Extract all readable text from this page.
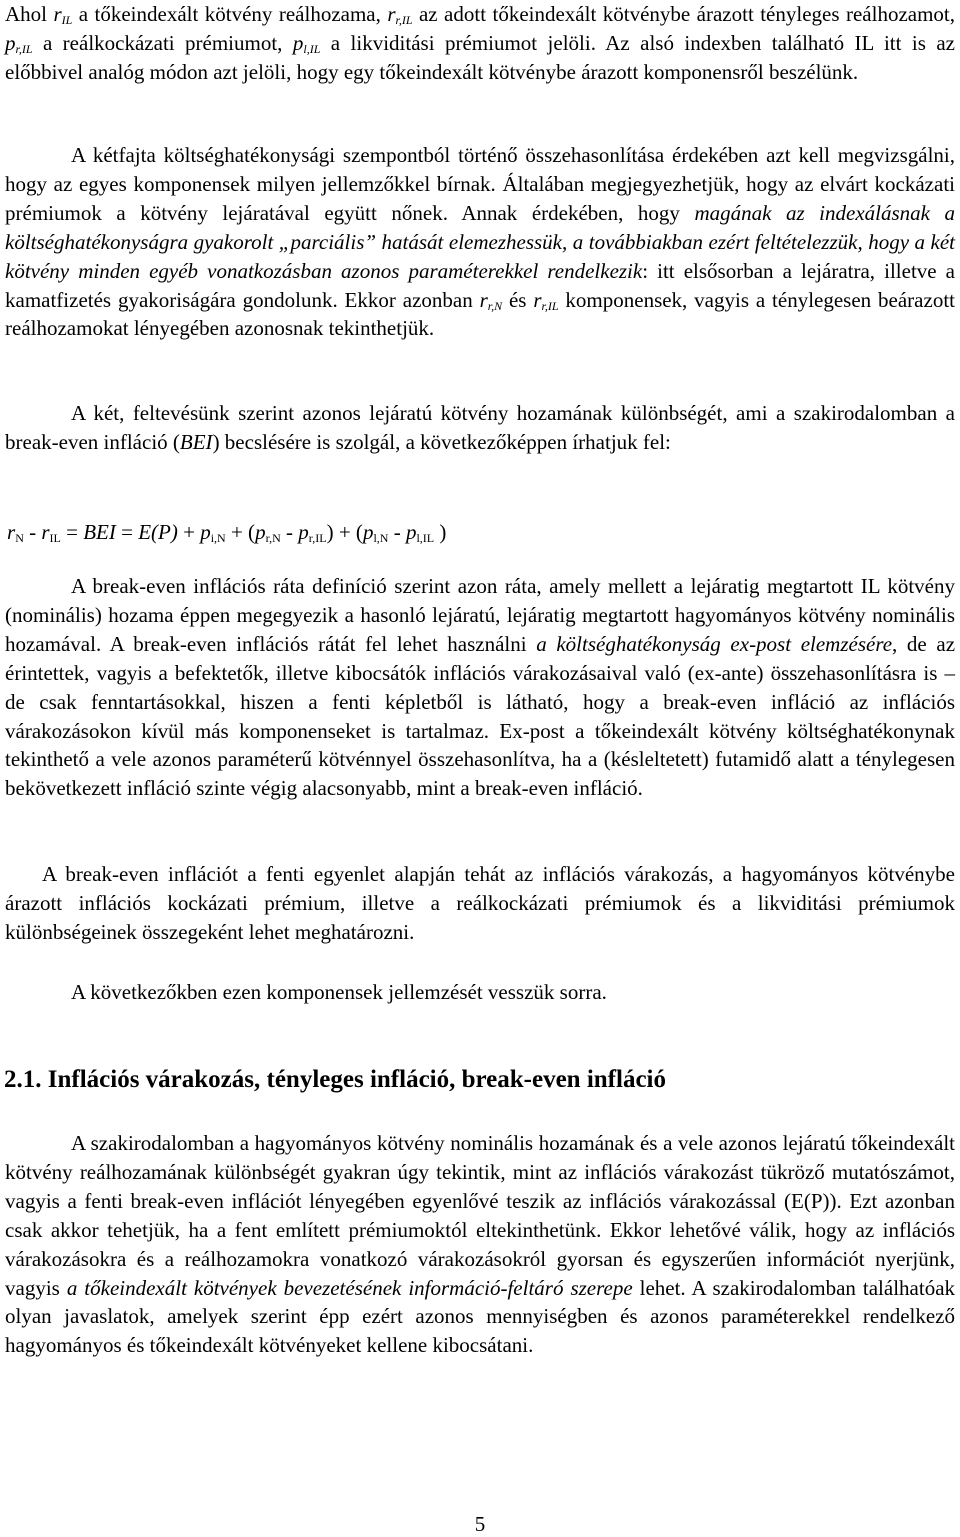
Ahol $r_{IL}$ a tőkeindexált kötvény reálhozama, $r_{r,IL}$ az adott tőkeindexált kötvénybe árazott tényleges reálhozamot, $p_{r,IL}$ a reálkockázati prémiumot, $p_{l,IL}$ a likviditási prémiumot jelöli. Az alsó indexben található IL itt is az előbbivel analóg módon azt jelöli, hogy egy tőkeindexált kötvénybe árazott komponensről beszélünk.

A kétfajta költséghatékonysági szempontból történő összehasonlítása érdekében azt kell megvizsgálni, hogy az egyes komponensek milyen jellemzőkkel bírnak. Általában megjegyezhetjük, hogy az elvárt kockázati prémiumok a kötvény lejáratával együtt nőnek. Annak érdekében, hogy magának az indexálásnak a költséghatékonyságra gyakorolt „parciális” hatását elemezhessük, a továbbiakban ezért feltételezzük, hogy a két kötvény minden egyéb vonatkozásban azonos paraméterekkel rendelkezik: itt elsősorban a lejáratra, illetve a kamatfizetés gyakoriságára gondolunk. Ekkor azonban $r_{r,N}$ és $r_{r,IL}$ komponensek, vagyis a ténylegesen beárazott reálhozamokat lényegében azonosnak tekinthetjük.

A két, feltevésünk szerint azonos lejáratú kötvény hozamának különbségét, ami a szakirodalomban a break-even infláció (BEI) becslésére is szolgál, a következőképpen írhatjuk fel:

$r_N - r_{IL}$ = BEI = $E(P) + p_{i,N} + (p_{r,N} - p_{r,IL}) + (p_{l,N} - p_{l,IL}$ )

A break-even inflációs ráta definíció szerint azon ráta, amely mellett a lejáratig megtartott IL kötvény (nominális) hozama éppen megegyezik a hasonló lejáratú, lejáratig megtartott hagyományos kötvény nominális hozamával. A break-even inflációs rátát fel lehet használni a költséghatékonyság ex-post elemzésére, de az érintettek, vagyis a befektetők, illetve kibocsátók inflációs várakozásaival való (ex-ante) összehasonlításra is – de csak fenntartásokkal, hiszen a fenti képletből is látható, hogy a break-even infláció az inflációs várakozásokon kívül más komponenseket is tartalmaz. Ex-post a tőkeindexált kötvény költséghatékonynak tekinthető a vele azonos paraméterű kötvénnyel összehasonlítva, ha a (késleltetett) futamidő alatt a ténylegesen bekövetkezett infláció szinte végig alacsonyabb, mint a break-even infláció.

A break-even inflációt a fenti egyenlet alapján tehát az inflációs várakozás, a hagyományos kötvénybe árazott inflációs kockázati prémium, illetve a reálkockázati prémiumok és a likviditási prémiumok különbségeinek összegeként lehet meghatározni.

A következőkben ezen komponensek jellemzését vesszük sorra.

2.1. Inflációs várakozás, tényleges infláció, break-even infláció

A szakirodalomban a hagyományos kötvény nominális hozamának és a vele azonos lejáratú tőkeindexált kötvény reálhozamának különbségét gyakran úgy tekintik, mint az inflációs várakozást tükröző mutatószámot, vagyis a fenti break-even inflációt lényegében egyenlővé teszik az inflációs várakozással (E(P)). Ezt azonban csak akkor tehetjük, ha a fent említett prémiumoktól eltekinthetünk. Ekkor lehetővé válik, hogy az inflációs várakozásokra és a reálhozamokra vonatkozó várakozásokról gyorsan és egyszerűen információt nyerjünk, vagyis a tőkeindexált kötvények bevezetésének információ-feltáró szerepe lehet. A szakirodalomban találhatóak olyan javaslatok, amelyek szerint épp ezért azonos mennyiségben és azonos paraméterekkel rendelkező hagyományos és tőkeindexált kötvényeket kellene kibocsátani.

5
